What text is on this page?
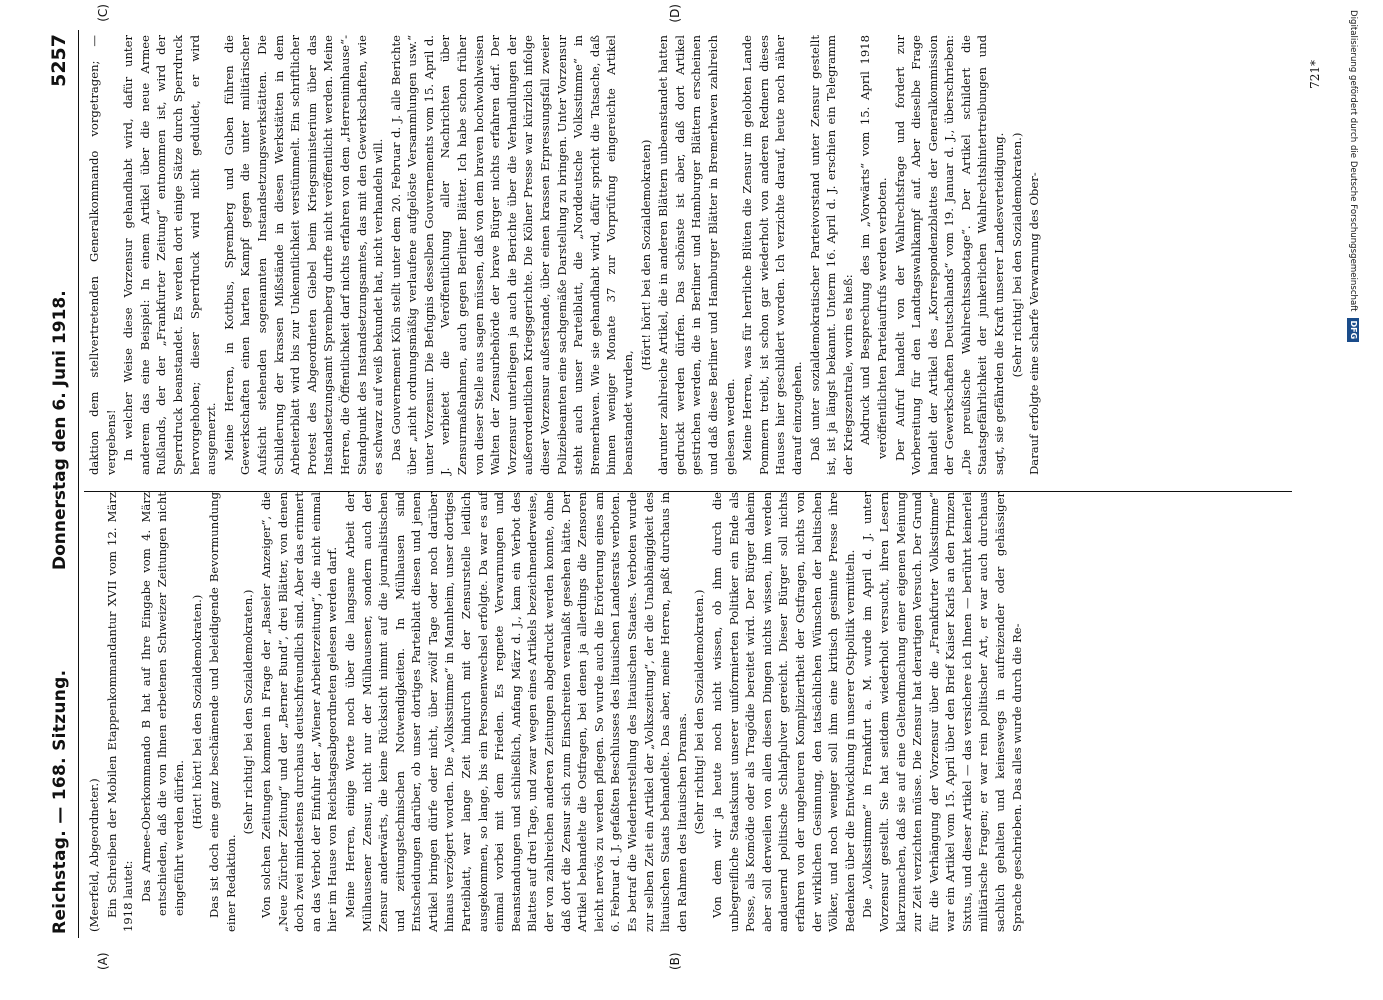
Reichstag. — 168. Sitzung.
Donnerstag den 6. Juni 1918.
5257
(A)	(B)
(C)	(D)

(Meerfeld, Abgeordneter.) Ein Schreiben der Mobilen Etappenkommandantur XVII vom 12. März 1918 lautet: Das Armee-Oberkommando B hat auf Ihre Eingabe vom 4. März entschieden, daß die von Ihnen erbetenen Schweizer Zeitungen nicht eingeführt werden dürfen.

(Hört! hört! bei den Sozialdemokraten.) Das ist doch eine ganz beschämende und beleidigende Bevormundung einer Redaktion.

(Sehr richtig! bei den Sozialdemokraten.) Von solchen Zeitungen kommen in Frage der „Baseler Anzeiger“, die „Neue Zürcher Zeitung“ und der „Berner Bund“, drei Blätter, von denen doch zwei mindestens durchaus deutschfreundlich sind. Aber das erinnert an das Verbot der Einfuhr der „Wiener Arbeiterzeitung“, die nicht einmal hier im Hause von Reichstagsabgeordneten gelesen werden darf. Meine Herren, einige Worte noch über die langsame Arbeit der Mülhausener Zensur, nicht nur der Mülhausener, sondern auch der Zensur anderwärts, die keine Rücksicht nimmt auf die journalistischen und zeitungstechnischen Notwendigkeiten. In Mülhausen sind Entscheidungen darüber, ob unser dortiges Parteiblatt diesen und jenen Artikel bringen dürfe oder nicht, über zwölf Tage oder noch darüber hinaus verzögert worden. Die „Volksstimme“ in Mannheim, unser dortiges Parteiblatt, war lange Zeit hindurch mit der Zensurstelle leidlich ausgekommen, so lange, bis ein Personenwechsel erfolgte. Da war es auf einmal vorbei mit dem Frieden. Es regnete Verwarnungen und Beanstandungen und schließlich, Anfang März d. J., kam ein Verbot des Blattes auf drei Tage, und zwar wegen eines Artikels bezeichnenderweise, der von zahlreichen anderen Zeitungen abgedruckt werden konnte, ohne daß dort die Zensur sich zum Einschreiten veranlaßt gesehen hätte. Der Artikel behandelte die Ostfragen, bei denen ja allerdings die Zensoren leicht nervös zu werden pflegen. So wurde auch die Erörterung eines am 6. Februar d. J. gefaßten Beschlusses des litauischen Landesrats verboten. Es betraf die Wiederherstellung des litauischen Staates. Verboten wurde zur selben Zeit ein Artikel der „Volkszeitung“, der die Unabhängigkeit des litauischen Staats behandelte. Das aber, meine Herren, paßt durchaus in den Rahmen des litauischen Dramas. (Sehr richtig! bei den Sozialdemokraten.) Von dem wir ja heute noch nicht wissen, ob ihm durch die unbegreifliche Staatskunst unserer uniformierten Politiker ein Ende als Posse, als Komödie oder als Tragödie bereitet wird. Der Bürger daheim aber soll derweilen von allen diesen Dingen nichts wissen, ihm werden andauernd politische Schlafpulver gereicht. Dieser Bürger soll nichts erfahren von der ungeheuren Kompliziertheit der Ostfragen, nichts von der wirklichen Gesinnung, den tatsächlichen Wünschen der baltischen Völker, und noch weniger soll ihm eine kritisch gesinnte Presse ihre Bedenken über die Entwicklung in unserer Ostpolitik vermitteln. Die „Volksstimme“ in Frankfurt a. M. wurde im April d. J. unter Vorzensur gestellt. Sie hat seitdem wiederholt versucht, ihren Lesern klarzumachen, daß sie auf eine Geltendmachung einer eigenen Meinung zur Zeit verzichten müsse. Die Zensur hat derartigen Versuch. Der Grund für die Verhängung der Vorzensur über die „Frankfurter Volksstimme“ war ein Artikel vom 15. April über den Brief Kaiser Karls an den Prinzen Sixtus, und dieser Artikel — das versichere ich Ihnen — berührt keinerlei militärische Fragen; er war rein politischer Art, er war auch durchaus sachlich gehalten und keineswegs in aufreizender oder gehässiger Sprache geschrieben. Das alles wurde durch die Re-

daktion dem stellvertretenden Generalkommando vorgetragen; — vergebens! In welcher Weise diese Vorzensur gehandhabt wird, dafür unter anderem das eine Beispiel: In einem Artikel über die neue Armee Rußlands, der der „Frankfurter Zeitung“ entnommen ist, wird der Sperrdruck beanstandet. Es werden dort einige Sätze durch Sperrdruck hervorgehoben; dieser Sperrdruck wird nicht geduldet, er wird ausgemerzt. Meine Herren, in Kottbus, Spremberg und Guben führen die Gewerkschaften einen harten Kampf gegen die unter militärischer Aufsicht stehenden sogenannten Instandsetzungswerkstätten. Die Schilderung der krassen Mißstände in diesen Werkstätten in dem Arbeiterblatt wird bis zur Unkenntlichkeit verstümmelt. Ein schriftlicher Protest des Abgeordneten Giebel beim Kriegsministerium über das Instandsetzungsamt Spremberg durfte nicht veröffentlicht werden. Meine Herren, die Öffentlichkeit darf nichts erfahren von dem „Herrenimhause“-Standpunkt des Instandsetzungsamtes, das mit den Gewerkschaften, wie es schwarz auf weiß bekundet hat, nicht verhandeln will. Das Gouvernement Köln stellt unter dem 20. Februar d. J. alle Berichte über „nicht ordnungsmäßig verlaufene aufgelöste Versammlungen usw.“ unter Vorzensur. Die Befugnis desselben Gouvernements vom 15. April d. J. verbietet die Veröffentlichung aller Nachrichten über Zensurmaßnahmen, auch gegen Berliner Blätter. Ich habe schon früher von dieser Stelle aus sagen müssen, daß von dem braven hochwohlweisen Walten der Zensurbehörde der brave Bürger nichts erfahren darf. Der Vorzensur unterliegen ja auch die Berichte über die Verhandlungen der außerordentlichen Kriegsgerichte. Die Kölner Presse war kürzlich infolge dieser Vorzensur außerstande, über einen krassen Erpressungsfall zweier Polizeibeamten eine sachgemäße Darstellung zu bringen. Unter Vorzensur steht auch unser Parteiblatt, die „Norddeutsche Volksstimme“ in Bremerhaven. Wie sie gehandhabt wird, dafür spricht die Tatsache, daß binnen weniger Monate 37 zur Vorprüfung eingereichte Artikel beanstandet wurden,

(Hört! hört! bei den Sozialdemokraten) darunter zahlreiche Artikel, die in anderen Blättern unbeanstandet hatten gedruckt werden dürfen. Das schönste ist aber, daß dort Artikel gestrichen werden, die in Berliner und Hamburger Blättern erscheinen und daß diese Berliner und Hamburger Blätter in Bremerhaven zahlreich gelesen werden. Meine Herren, was für herrliche Blüten die Zensur im gelobten Lande Pommern treibt, ist schon gar wiederholt von anderen Rednern dieses Hauses hier geschildert worden. Ich verzichte darauf, heute noch näher darauf einzugehen. Daß unter sozialdemokratischer Parteivorstand unter Zensur gestellt ist, ist ja längst bekannt. Unterm 16. April d. J. erschien ein Telegramm der Kriegszentrale, worin es hieß: Abdruck und Besprechung des im „Vorwärts“ vom 15. April 1918 veröffentlichten Parteiaufrufs werden verboten. Der Aufruf handelt von der Wahlrechtsfrage und fordert zur Vorbereitung für den Landtagswahlkampf auf. Aber dieselbe Frage handelt der Artikel des „Korrespondenzblattes der Generalkommission der Gewerkschaften Deutschlands“ vom 19. Januar d. J., überschrieben: „Die preußische Wahlrechtssabotage“. Der Artikel schildert die Staatsgefährlichkeit der junkerlichen Wahlrechtshintertreibungen und sagt, sie gefährden die Kraft unserer Landesverteidigung. (Sehr richtig! bei den Sozialdemokraten.) Darauf erfolgte eine scharfe Verwarnung des Ober-

721*	Digitalisierung gefördert durch die Deutsche Forschungsgemeinschaft
DFG
